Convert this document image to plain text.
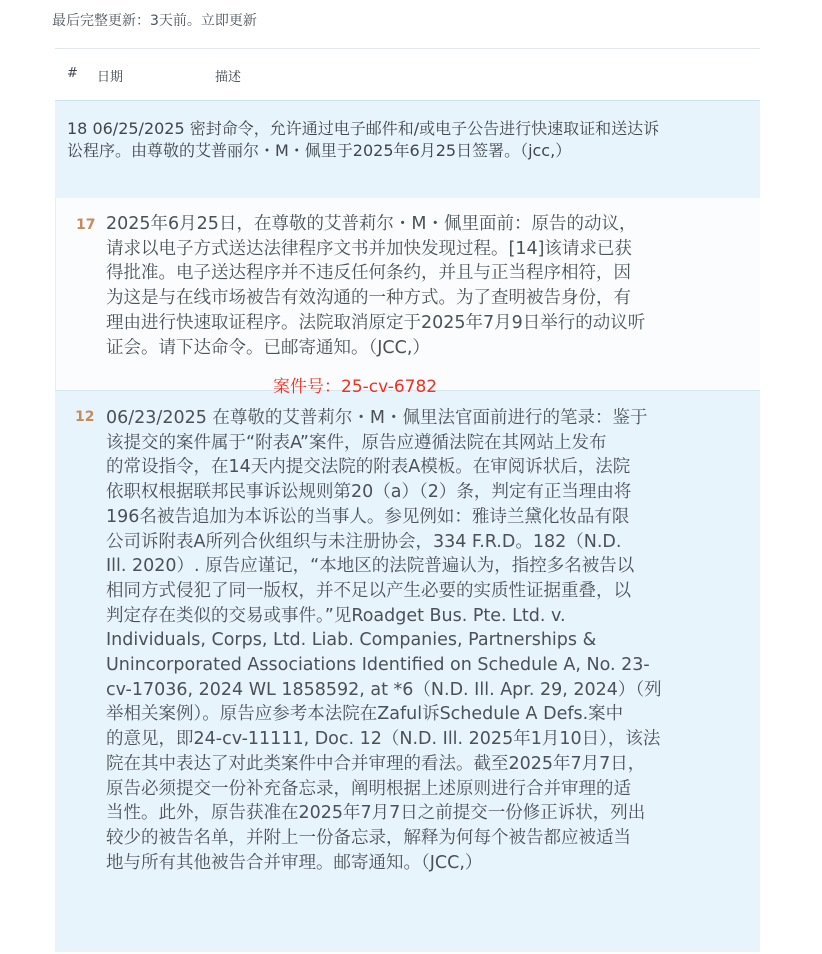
最后完整更新：3天前。立即更新
# 日期	描述
18 06/25/2025 密封命令，允许通过电子邮件和/或电子公告进行快速取证和送达诉
讼程序。由尊敬的艾普丽尔・M・佩里于2025年6月25日签署。（jcc,）
17 2025年6月25日，在尊敬的艾普莉尔・M・佩里面前：原告的动议，
请求以电子方式送达法律程序文书并加快发现过程。[14]该请求已获
得批准。电子送达程序并不违反任何条约，并且与正当程序相符，因
为这是与在线市场被告有效沟通的一种方式。为了查明被告身份，有
理由进行快速取证程序。法院取消原定于2025年7月9日举行的动议听
证会。请下达命令。已邮寄通知。（JCC,）
12 06/23/2025 在尊敬的艾普莉尔・M・佩里法官面前进行的笔录：鉴于
该提交的案件属于“附表A”案件，原告应遵循法院在其网站上发布
的常设指令，在14天内提交法院的附表A模板。在审阅诉状后，法院
依职权根据联邦民事诉讼规则第20（a）（2）条，判定有正当理由将
196名被告追加为本诉讼的当事人。参见例如：雅诗兰黛化妆品有限
公司诉附表A所列合伙组织与未注册协会，334 F.R.D。182（N.D.
Ill. 2020）. 原告应谨记，“本地区的法院普遍认为，指控多名被告以
相同方式侵犯了同一版权，并不足以产生必要的实质性证据重叠，以
判定存在类似的交易或事件。”见Roadget Bus. Pte. Ltd. v.
Individuals, Corps, Ltd. Liab. Companies, Partnerships &
Unincorporated Associations Identified on Schedule A, No. 23-
cv-17036, 2024 WL 1858592, at *6（N.D. Ill. Apr. 29, 2024）（列
举相关案例）。原告应参考本法院在Zaful诉Schedule A Defs.案中
的意见，即24-cv-11111, Doc. 12（N.D. Ill. 2025年1月10日），该法
院在其中表达了对此类案件中合并审理的看法。截至2025年7月7日，
原告必须提交一份补充备忘录，阐明根据上述原则进行合并审理的适
当性。此外，原告获准在2025年7月7日之前提交一份修正诉状，列出
较少的被告名单，并附上一份备忘录，解释为何每个被告都应被适当
地与所有其他被告合并审理。邮寄通知。（JCC,）
案件号：25-cv-6782
